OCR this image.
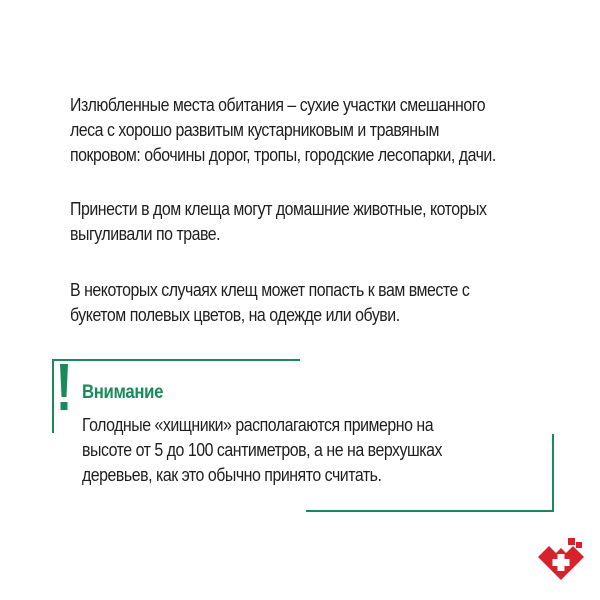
Излюбленные места обитания – сухие участки смешанного
леса с хорошо развитым кустарниковым и травяным
покровом: обочины дорог, тропы, городские лесопарки, дачи.

Принести в дом клеща могут домашние животные, которых
выгуливали по траве.

В некоторых случаях клещ может попасть к вам вместе с
букетом полевых цветов, на одежде или обуви.

Внимание

Голодные «хищники» располагаются примерно на
высоте от 5 до 100 сантиметров, а не на верхушках
деревьев, как это обычно принято считать.
